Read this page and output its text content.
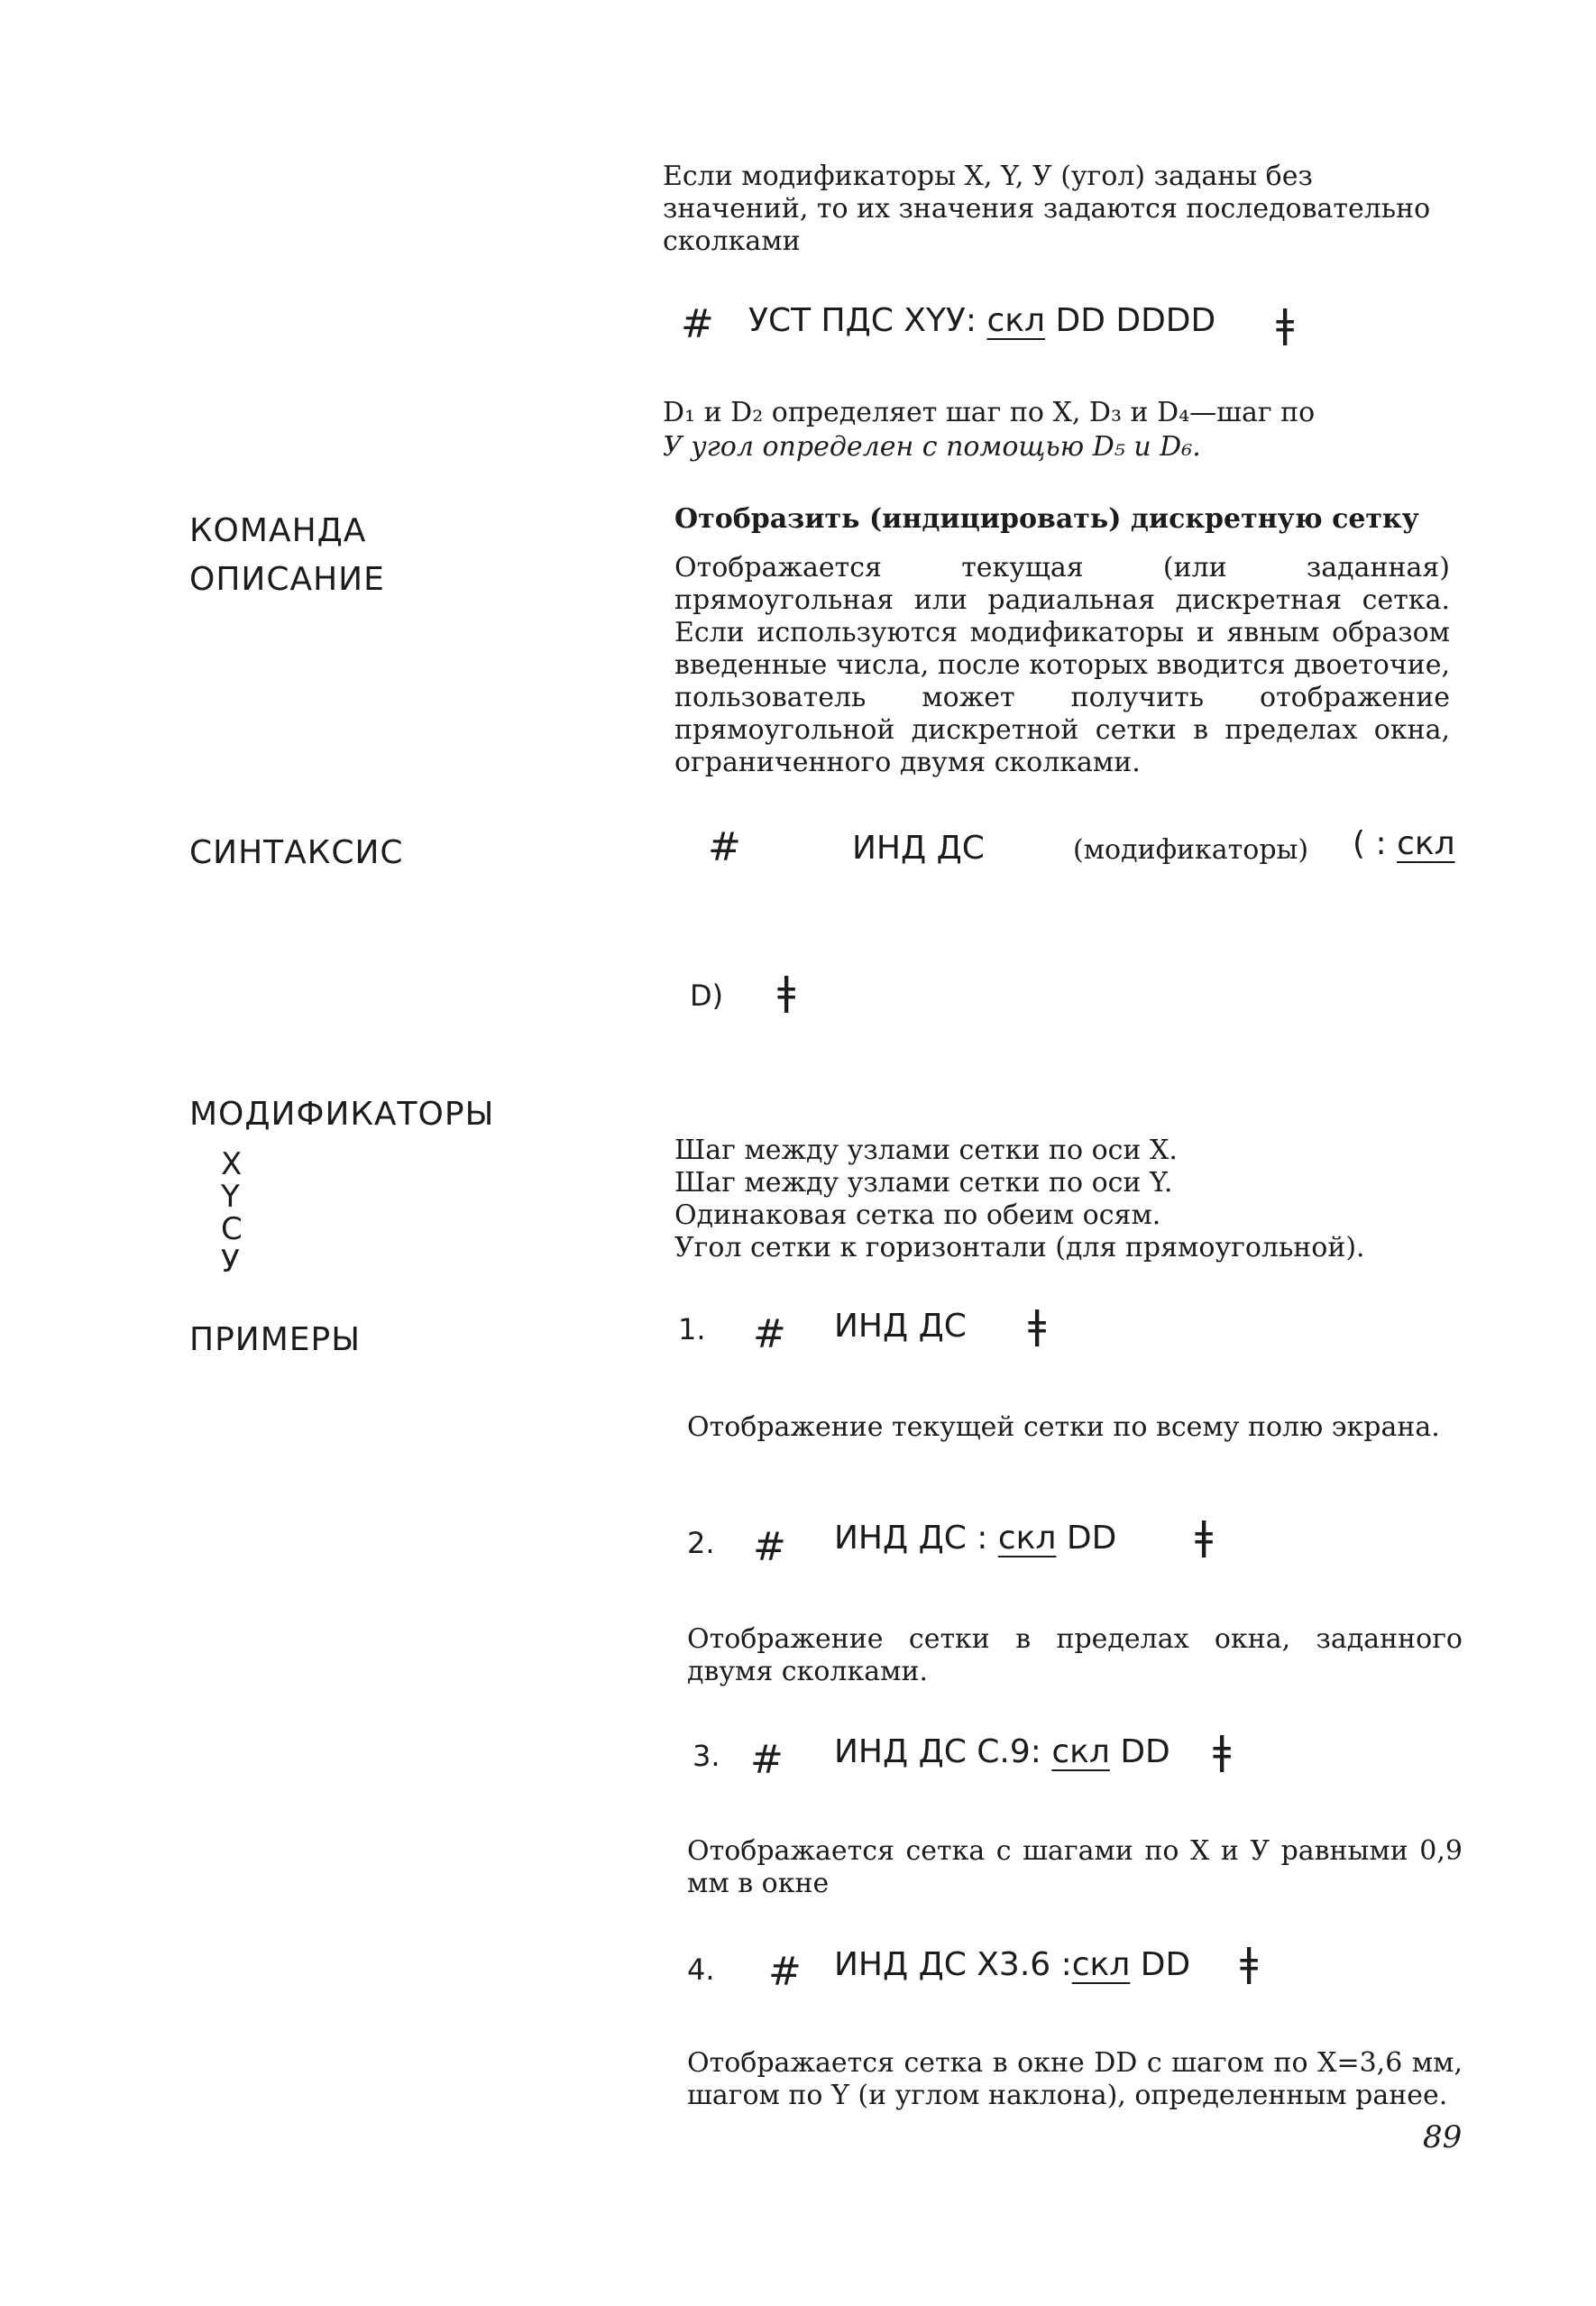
Если модификаторы X, Y, У (угол) заданы без значений, то их значения задаются последовательно сколками
# УСТ ПДС ХYУ: скл DD DDDD ǂ
D₁ и D₂ определяет шаг по X, D₃ и D₄—шаг по
У угол определен с помощью D₅ и D₆.
КОМАНДА
ОПИСАНИЕ
СИНТАКСИС
МОДИФИКАТОРЫ
ПРИМЕРЫ
Отобразить (индицировать) дискретную сетку
Отображается текущая (или заданная) прямоугольная или радиальная дискретная сетка. Если используются модификаторы и явным образом введенные числа, после которых вводится двоеточие, пользователь может получить отображение прямоугольной дискретной сетки в пределах окна, ограниченного двумя сколками.
#	ИНД ДС	(модификаторы) ( : скл
D) ǂ
X
Y
С
У
Шаг между узлами сетки по оси X.
Шаг между узлами сетки по оси Y.
Одинаковая сетка по обеим осям.
Угол сетки к горизонтали (для прямоугольной).
1. # ИНД ДС ǂ
Отображение текущей сетки по всему полю экрана.
2. # ИНД ДС : скл DD ǂ
Отображение сетки в пределах окна, заданного двумя сколками.
3. # ИНД ДС С.9: скл DD ǂ
Отображается сетка с шагами по X и У равными 0,9 мм в окне
4. # ИНД ДС X3.6 :скл DD ǂ
Отображается сетка в окне DD с шагом по X=3,6 мм, шагом по Y (и углом наклона), определенным ранее.
89
